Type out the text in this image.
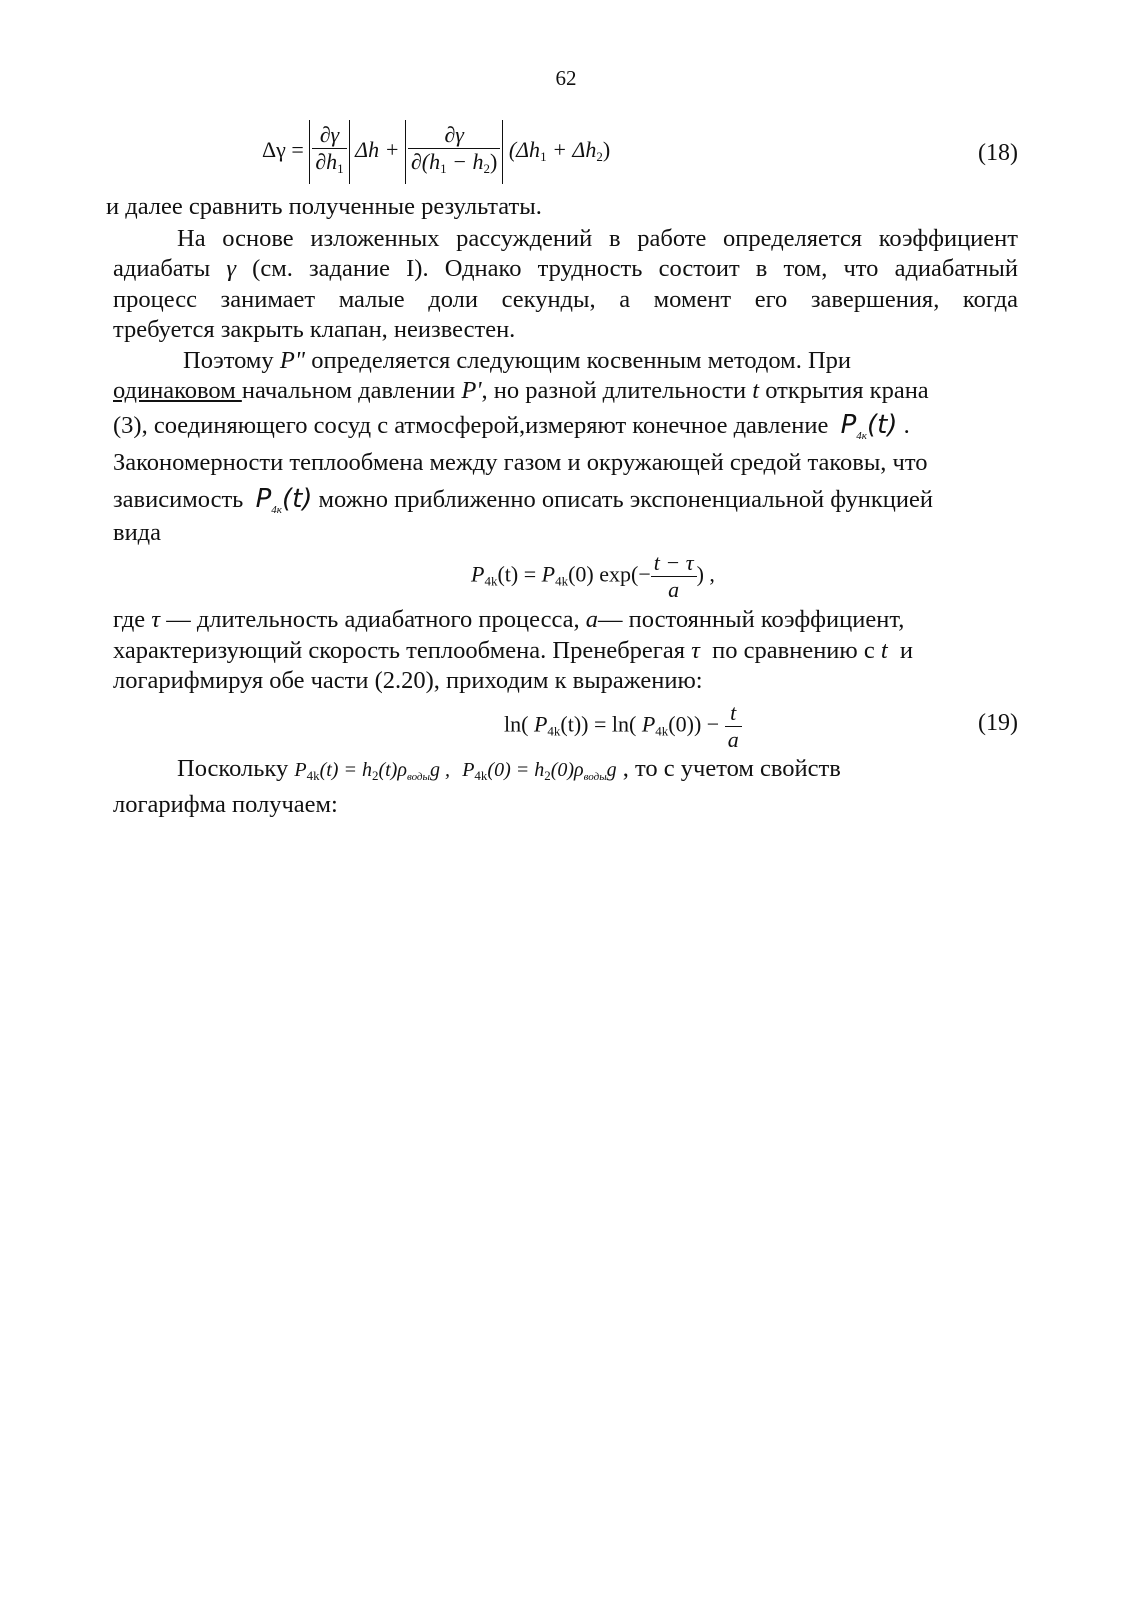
62
$\Delta\gamma = \frac{\partial\gamma}{\partial h_1}$ $\Delta h + \frac{\partial\gamma}{\partial(h_1 - h_2)} (\Delta h_1 + \Delta h_2)$	(18)
и далее сравнить полученные результаты.
На основе изложенных рассуждений в работе определяется коэффициент
адиабаты γ (см. задание I). Однако трудность состоит в том, что адиабатный
процесс занимает малые доли секунды, а момент его завершения, когда
требуется закрыть клапан, неизвестен.
Поэтому P" определяется следующим косвенным методом. При
одинаковом начальном давлении P', но разной длительности t открытия крана
(3), соединяющего сосуд с атмосферой,измеряют конечное давление $P_{4к}(t)$ .
Закономерности теплообмена между газом и окружающей средой таковы, что
зависимость $P_{4к}(t)$ можно приближенно описать экспоненциальной функцией
вида
$P_{4k}(t) = P_{4k}(0)$ $\exp(- \frac{t - \tau}{a}$ ) ,
где τ — длительность адиабатного процесса, a— постоянный коэффициент,
характеризующий скорость теплообмена. Пренебрегая τ по сравнению с t и
логарифмируя обе части (2.20), приходим к выражению:
ln( $P_{4k}(t)) = \ln$( $P_{4k}(0)) - \frac{t}{a}$	(19)
Поскольку $P_{4k}(t) = h_2(t)\rho_{воды}g$ , $P_{4k}(0) = h_2(0)\rho_{воды}g$ , то с учетом свойств
логарифма получаем:
